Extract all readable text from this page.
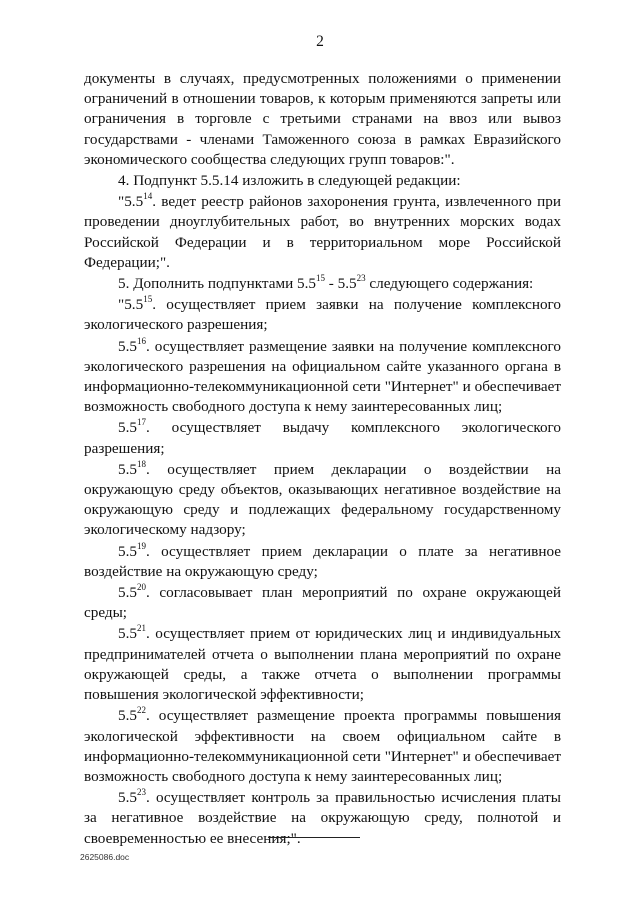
2

документы в случаях, предусмотренных положениями о применении ограничений в отношении товаров, к которым применяются запреты или ограничения в торговле с третьими странами на ввоз или вывоз государствами - членами Таможенного союза в рамках Евразийского экономического сообщества следующих групп товаров:".

4. Подпункт 5.5.14 изложить в следующей редакции:

"$5.5^{14}$. ведет реестр районов захоронения грунта, извлеченного при проведении дноуглубительных работ, во внутренних морских водах Российской Федерации и в территориальном море Российской Федерации;".

5. Дополнить подпунктами $5.5^{15} - 5.5^{23}$ следующего содержания:

"$5.5^{15}$. осуществляет прием заявки на получение комплексного экологического разрешения;

$5.5^{16}$. осуществляет размещение заявки на получение комплексного экологического разрешения на официальном сайте указанного органа в информационно-телекоммуникационной сети "Интернет" и обеспечивает возможность свободного доступа к нему заинтересованных лиц;

$5.5^{17}$. осуществляет выдачу комплексного экологического разрешения;

$5.5^{18}$. осуществляет прием декларации о воздействии на окружающую среду объектов, оказывающих негативное воздействие на окружающую среду и подлежащих федеральному государственному экологическому надзору;

$5.5^{19}$. осуществляет прием декларации о плате за негативное воздействие на окружающую среду;

$5.5^{20}$. согласовывает план мероприятий по охране окружающей среды;

$5.5^{21}$. осуществляет прием от юридических лиц и индивидуальных предпринимателей отчета о выполнении плана мероприятий по охране окружающей среды, а также отчета о выполнении программы повышения экологической эффективности;

$5.5^{22}$. осуществляет размещение проекта программы повышения экологической эффективности на своем официальном сайте в информационно-телекоммуникационной сети "Интернет" и обеспечивает возможность свободного доступа к нему заинтересованных лиц;

$5.5^{23}$. осуществляет контроль за правильностью исчисления платы за негативное воздействие на окружающую среду, полнотой и своевременностью ее внесения;".

2625086.doc
